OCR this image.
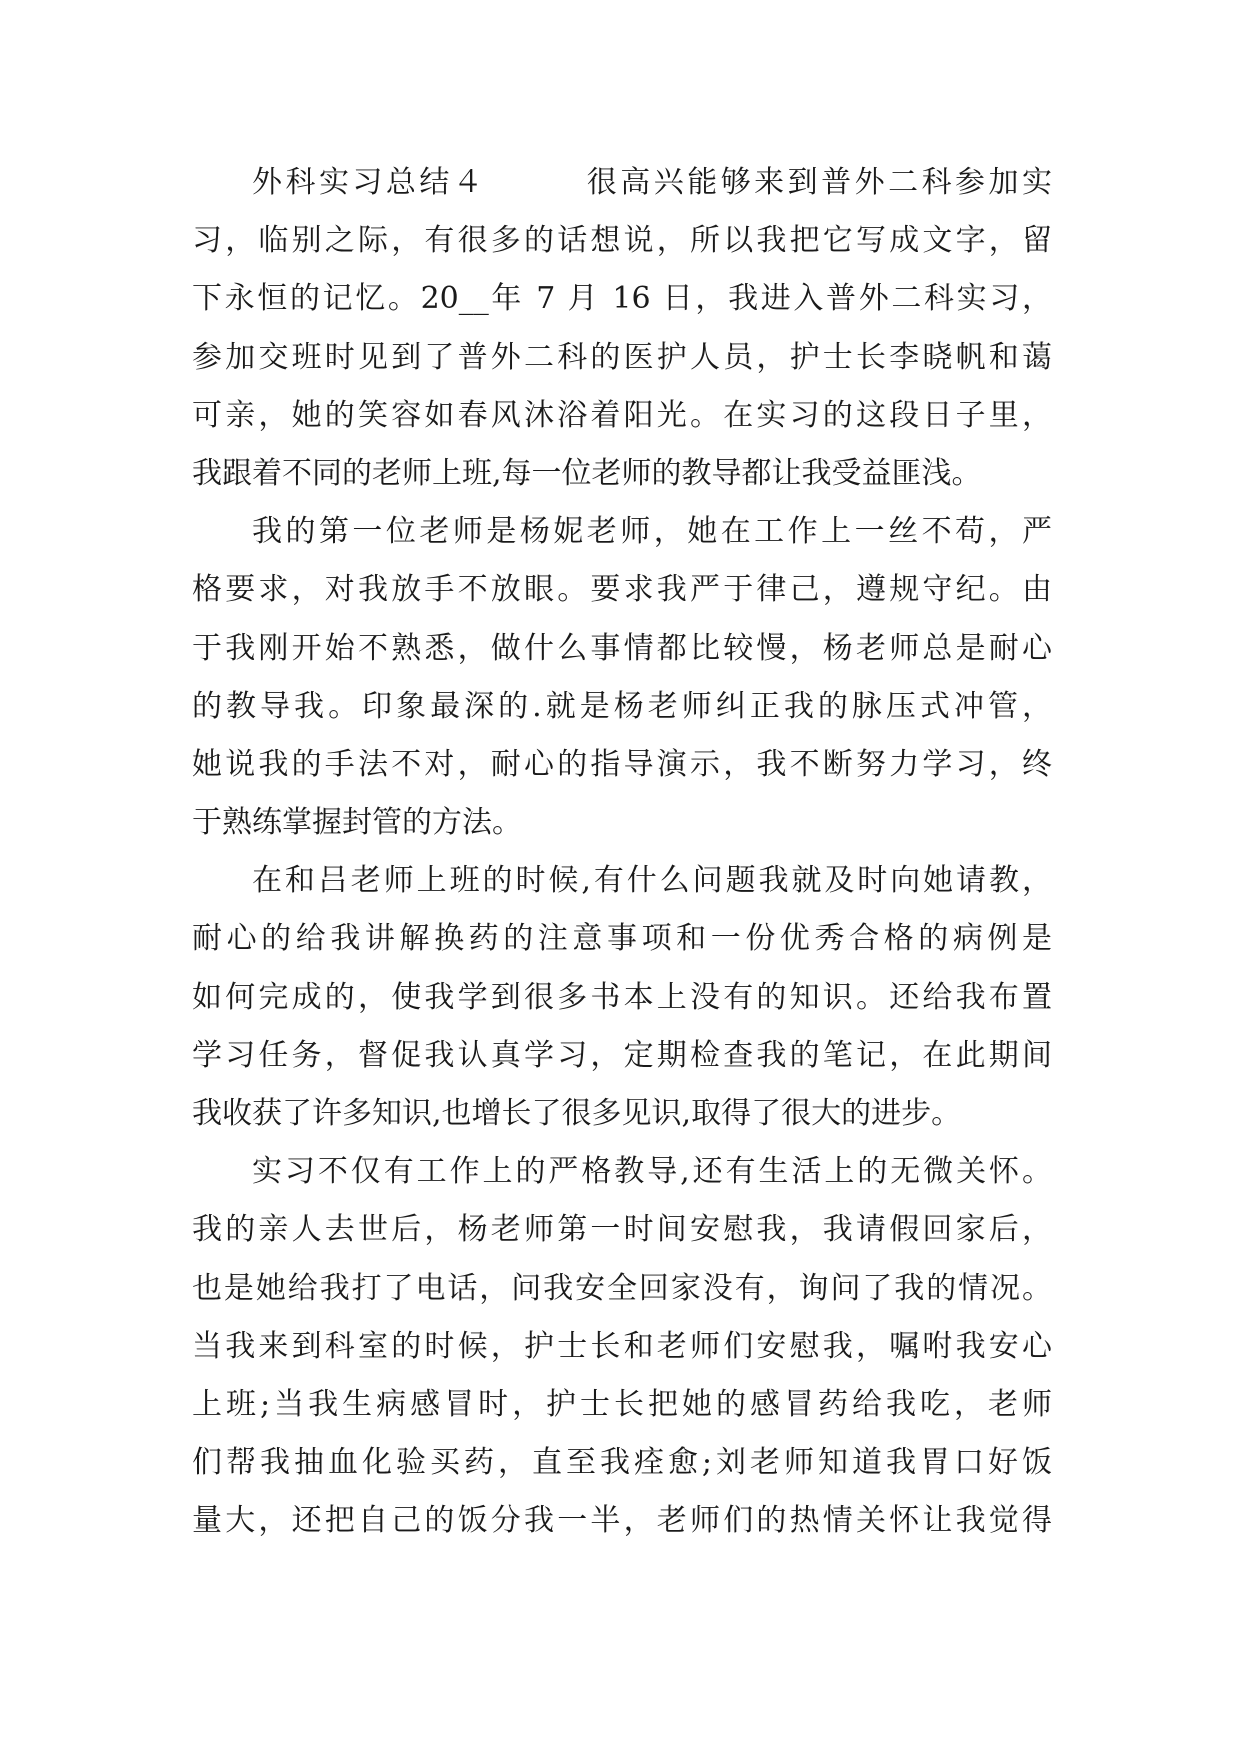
外科实习总结４　　　很高兴能够来到普外二科参加实
习，临别之际，有很多的话想说，所以我把它写成文字，留
下永恒的记忆。20__年 7 月 16 日，我进入普外二科实习，
参加交班时见到了普外二科的医护人员，护士长李晓帆和蔼
可亲，她的笑容如春风沐浴着阳光。在实习的这段日子里，
我跟着不同的老师上班,每一位老师的教导都让我受益匪浅。
我的第一位老师是杨妮老师，她在工作上一丝不苟，严
格要求，对我放手不放眼。要求我严于律己，遵规守纪。由
于我刚开始不熟悉，做什么事情都比较慢，杨老师总是耐心
的教导我。印象最深的.就是杨老师纠正我的脉压式冲管，
她说我的手法不对，耐心的指导演示，我不断努力学习，终
于熟练掌握封管的方法。
在和吕老师上班的时候,有什么问题我就及时向她请教，
耐心的给我讲解换药的注意事项和一份优秀合格的病例是
如何完成的，使我学到很多书本上没有的知识。还给我布置
学习任务，督促我认真学习，定期检查我的笔记，在此期间
我收获了许多知识,也增长了很多见识,取得了很大的进步。
实习不仅有工作上的严格教导,还有生活上的无微关怀。
我的亲人去世后，杨老师第一时间安慰我，我请假回家后，
也是她给我打了电话，问我安全回家没有，询问了我的情况。
当我来到科室的时候，护士长和老师们安慰我，嘱咐我安心
上班;当我生病感冒时，护士长把她的感冒药给我吃，老师
们帮我抽血化验买药，直至我痊愈;刘老师知道我胃口好饭
量大，还把自己的饭分我一半，老师们的热情关怀让我觉得
